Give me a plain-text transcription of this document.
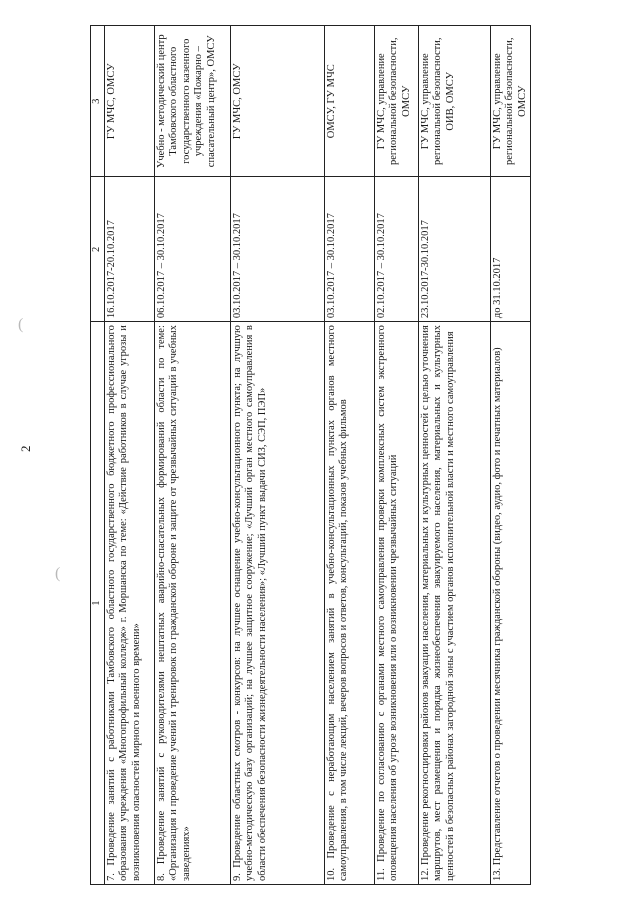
2
(
(
1	2	3
7. Проведение занятий с работниками Тамбовского областного государственного бюджетного профессионального образования учреждения «Многопрофильный колледж» г. Моршанска по теме: «Действие работников в случае угрозы и возникновения опасностей мирного и военного времени»	16.10.2017-20.10.2017	ГУ МЧС, ОМСУ
8. Проведение занятий с руководителями нештатных аварийно-спасательных формирований области по теме: «Организация и проведение учений и тренировок по гражданской обороне и защите от чрезвычайных ситуаций в учебных заведениях»	06.10.2017 – 30.10.2017	Учебно - методический центр Тамбовского областного государственного казенного учреждения «Пожарно – спасательный центр», ОМСУ
9. Проведение областных смотров - конкурсов: на лучшее оснащение учебно-консультационного пункта; на лучшую учебно-методическую базу организаций; на лучшее защитное сооружение; «Лучший орган местного самоуправления в области обеспечения безопасности жизнедеятельности населения»; «Лучший пункт выдачи СИЗ, СЭП, ПЭП»	03.10.2017 – 30.10.2017	ГУ МЧС, ОМСУ
10. Проведение с неработающим населением занятий в учебно-консультационных пунктах органов местного самоуправления, в том числе лекций, вечеров вопросов и ответов, консультаций, показов учебных фильмов	03.10.2017 – 30.10.2017	ОМСУ, ГУ МЧС
11. Проведение по согласованию с органами местного самоуправления проверки комплексных систем экстренного оповещения населения об угрозе возникновения или о возникновении чрезвычайных ситуаций	02.10.2017 – 30.10.2017	ГУ МЧС, управление региональной безопасности, ОМСУ
12. Проведение рекогносцировки районов эвакуации населения, материальных и культурных ценностей с целью уточнения маршрутов, мест размещения и порядка жизнеобеспечения эвакуируемого населения, материальных и культурных ценностей в безопасных районах загородной зоны с участием органов исполнительной власти и местного самоуправления	23.10.2017-30.10.2017	ГУ МЧС, управление региональной безопасности, ОИВ, ОМСУ
13. Представление отчетов о проведении месячника гражданской обороны (видео, аудио, фото и печатных материалов)	до 31.10.2017	ГУ МЧС, управление региональной безопасности, ОМСУ
